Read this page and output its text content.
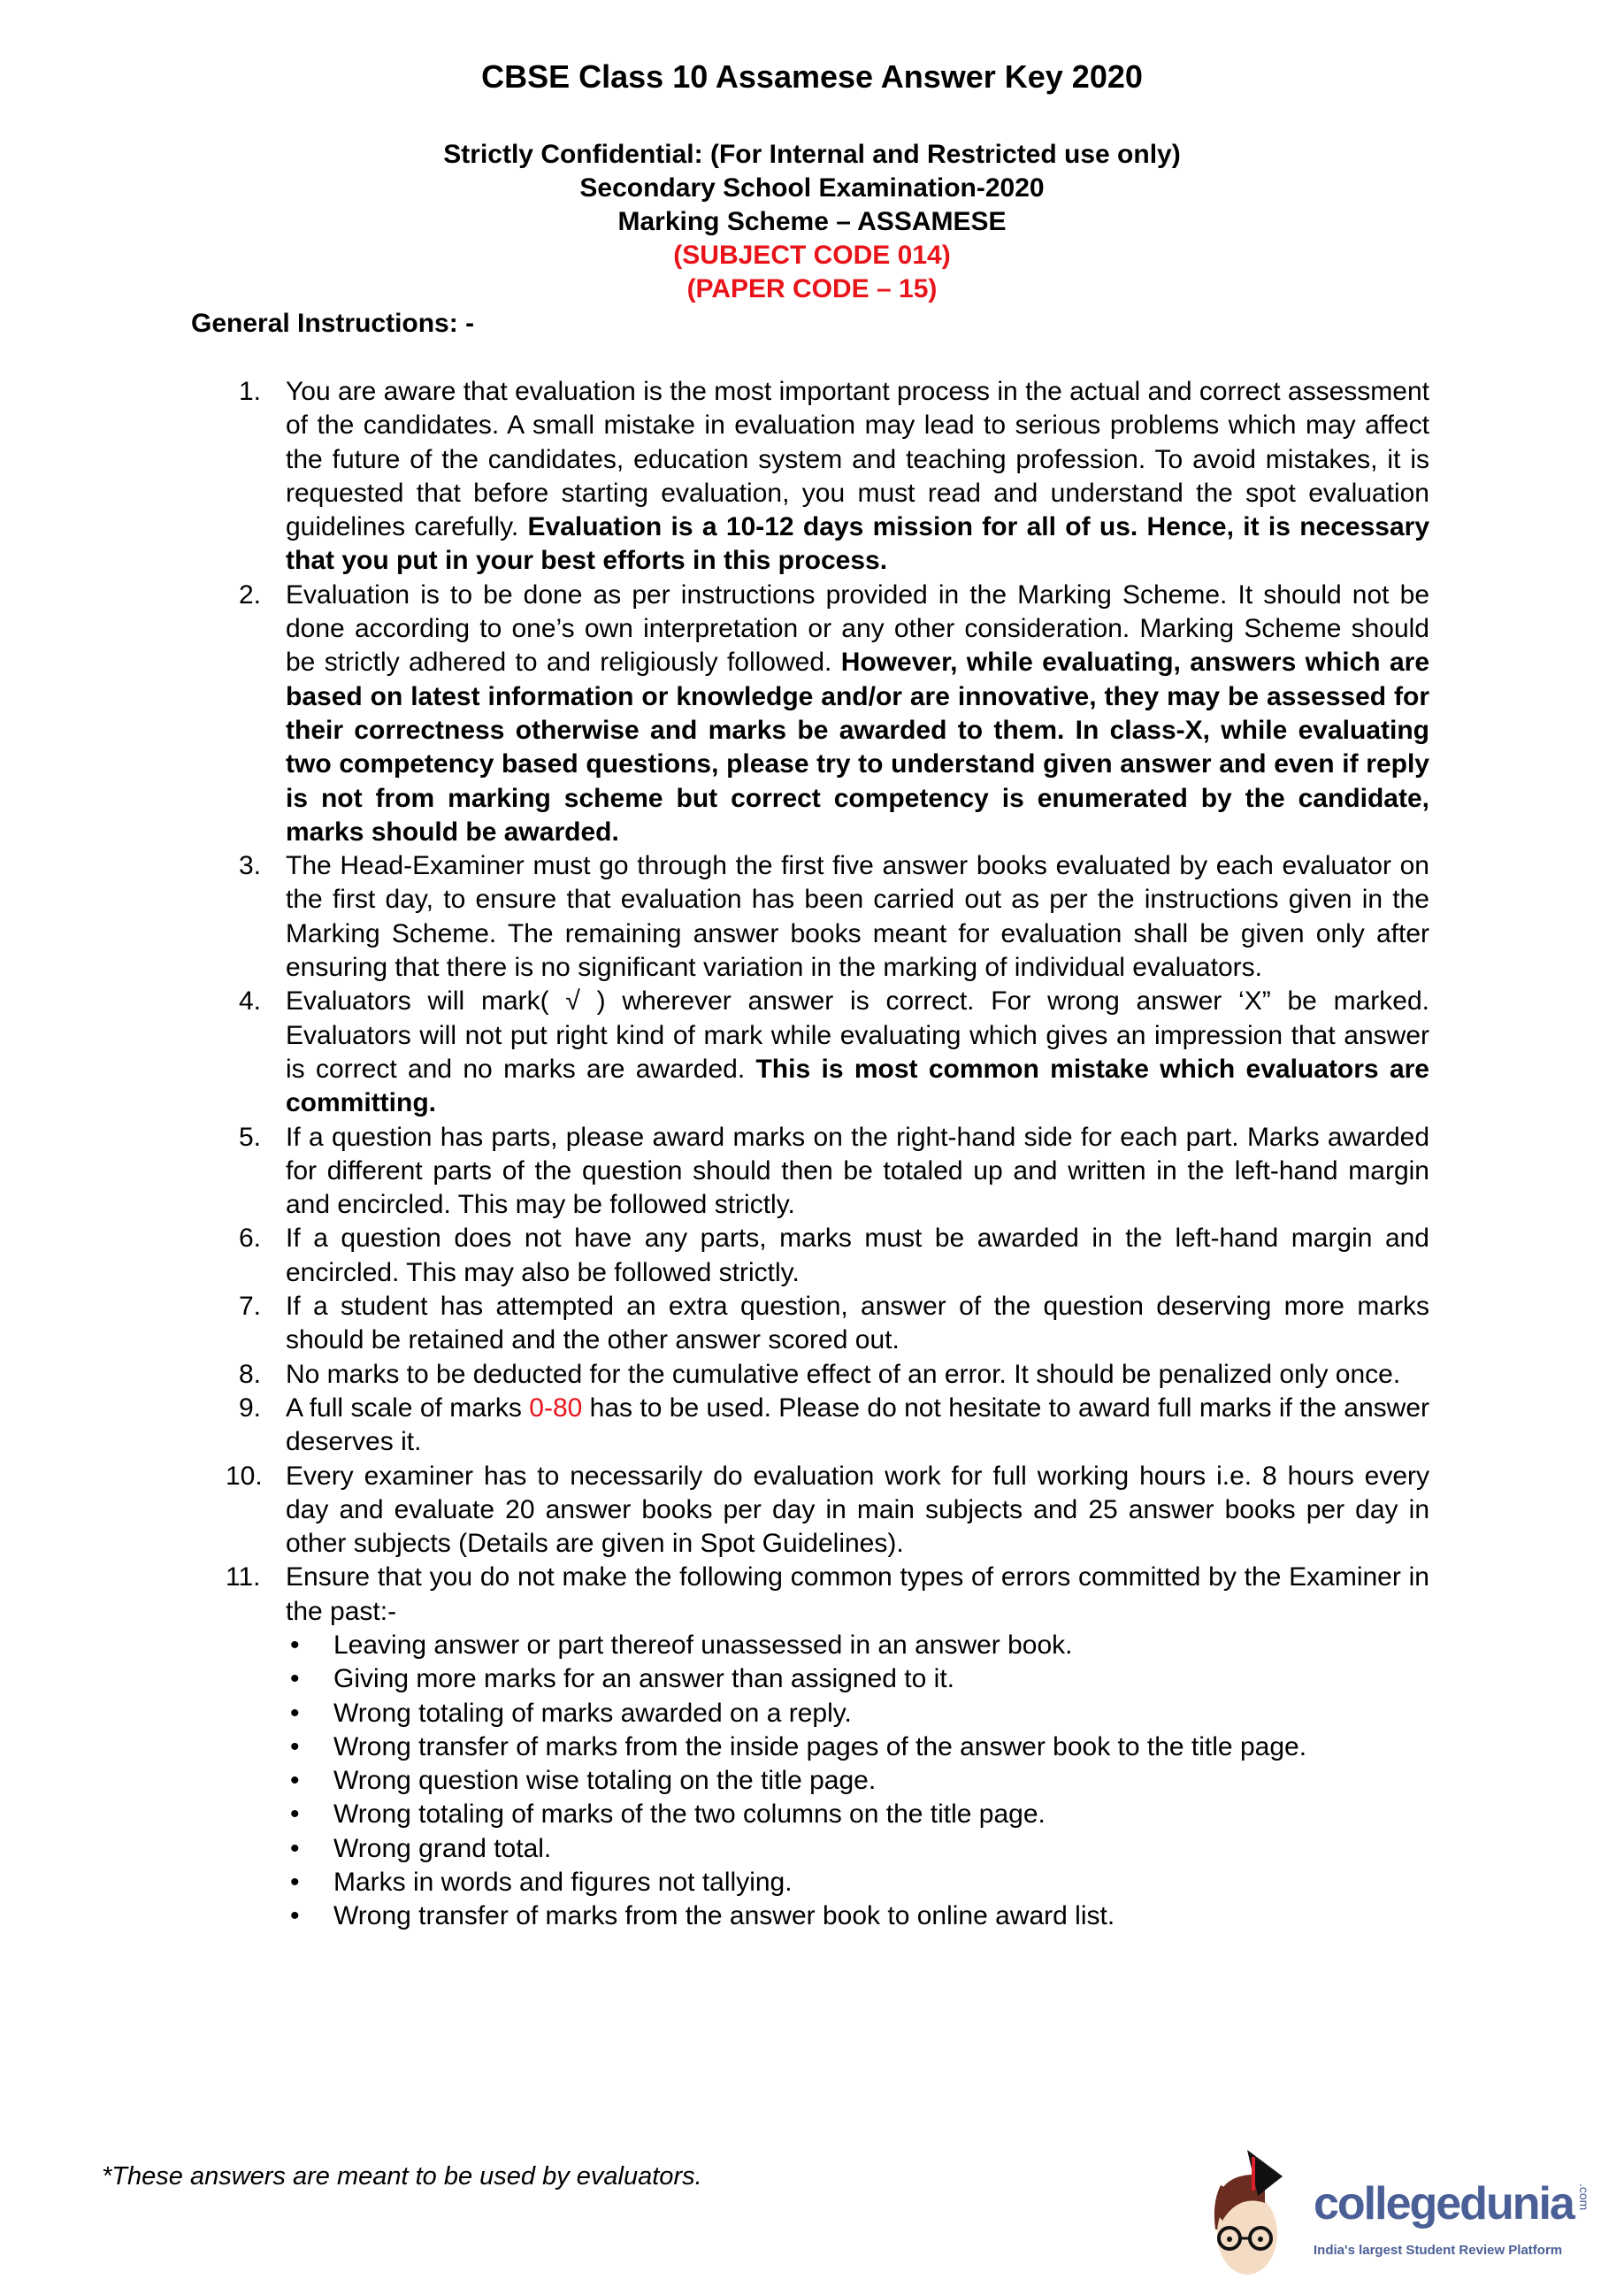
CBSE Class 10 Assamese Answer Key 2020
Strictly Confidential: (For Internal and Restricted use only)
Secondary School Examination-2020
Marking Scheme – ASSAMESE
(SUBJECT CODE 014)
(PAPER CODE – 15)
General Instructions: -
1. You are aware that evaluation is the most important process in the actual and correct assessment of the candidates. A small mistake in evaluation may lead to serious problems which may affect the future of the candidates, education system and teaching profession. To avoid mistakes, it is requested that before starting evaluation, you must read and understand the spot evaluation guidelines carefully. Evaluation is a 10-12 days mission for all of us. Hence, it is necessary that you put in your best efforts in this process.
2. Evaluation is to be done as per instructions provided in the Marking Scheme. It should not be done according to one’s own interpretation or any other consideration. Marking Scheme should be strictly adhered to and religiously followed. However, while evaluating, answers which are based on latest information or knowledge and/or are innovative, they may be assessed for their correctness otherwise and marks be awarded to them. In class-X, while evaluating two competency based questions, please try to understand given answer and even if reply is not from marking scheme but correct competency is enumerated by the candidate, marks should be awarded.
3. The Head-Examiner must go through the first five answer books evaluated by each evaluator on the first day, to ensure that evaluation has been carried out as per the instructions given in the Marking Scheme. The remaining answer books meant for evaluation shall be given only after ensuring that there is no significant variation in the marking of individual evaluators.
4. Evaluators will mark( √ ) wherever answer is correct. For wrong answer ‘X” be marked. Evaluators will not put right kind of mark while evaluating which gives an impression that answer is correct and no marks are awarded. This is most common mistake which evaluators are committing.
5. If a question has parts, please award marks on the right-hand side for each part. Marks awarded for different parts of the question should then be totaled up and written in the left-hand margin and encircled. This may be followed strictly.
6. If a question does not have any parts, marks must be awarded in the left-hand margin and encircled. This may also be followed strictly.
7. If a student has attempted an extra question, answer of the question deserving more marks should be retained and the other answer scored out.
8. No marks to be deducted for the cumulative effect of an error. It should be penalized only once.
9. A full scale of marks 0-80 has to be used. Please do not hesitate to award full marks if the answer deserves it.
10. Every examiner has to necessarily do evaluation work for full working hours i.e. 8 hours every day and evaluate 20 answer books per day in main subjects and 25 answer books per day in other subjects (Details are given in Spot Guidelines).
11. Ensure that you do not make the following common types of errors committed by the Examiner in the past:-
• Leaving answer or part thereof unassessed in an answer book.
• Giving more marks for an answer than assigned to it.
• Wrong totaling of marks awarded on a reply.
• Wrong transfer of marks from the inside pages of the answer book to the title page.
• Wrong question wise totaling on the title page.
• Wrong totaling of marks of the two columns on the title page.
• Wrong grand total.
• Marks in words and figures not tallying.
• Wrong transfer of marks from the answer book to online award list.
*These answers are meant to be used by evaluators.
collegedunia .com
India's largest Student Review Platform
